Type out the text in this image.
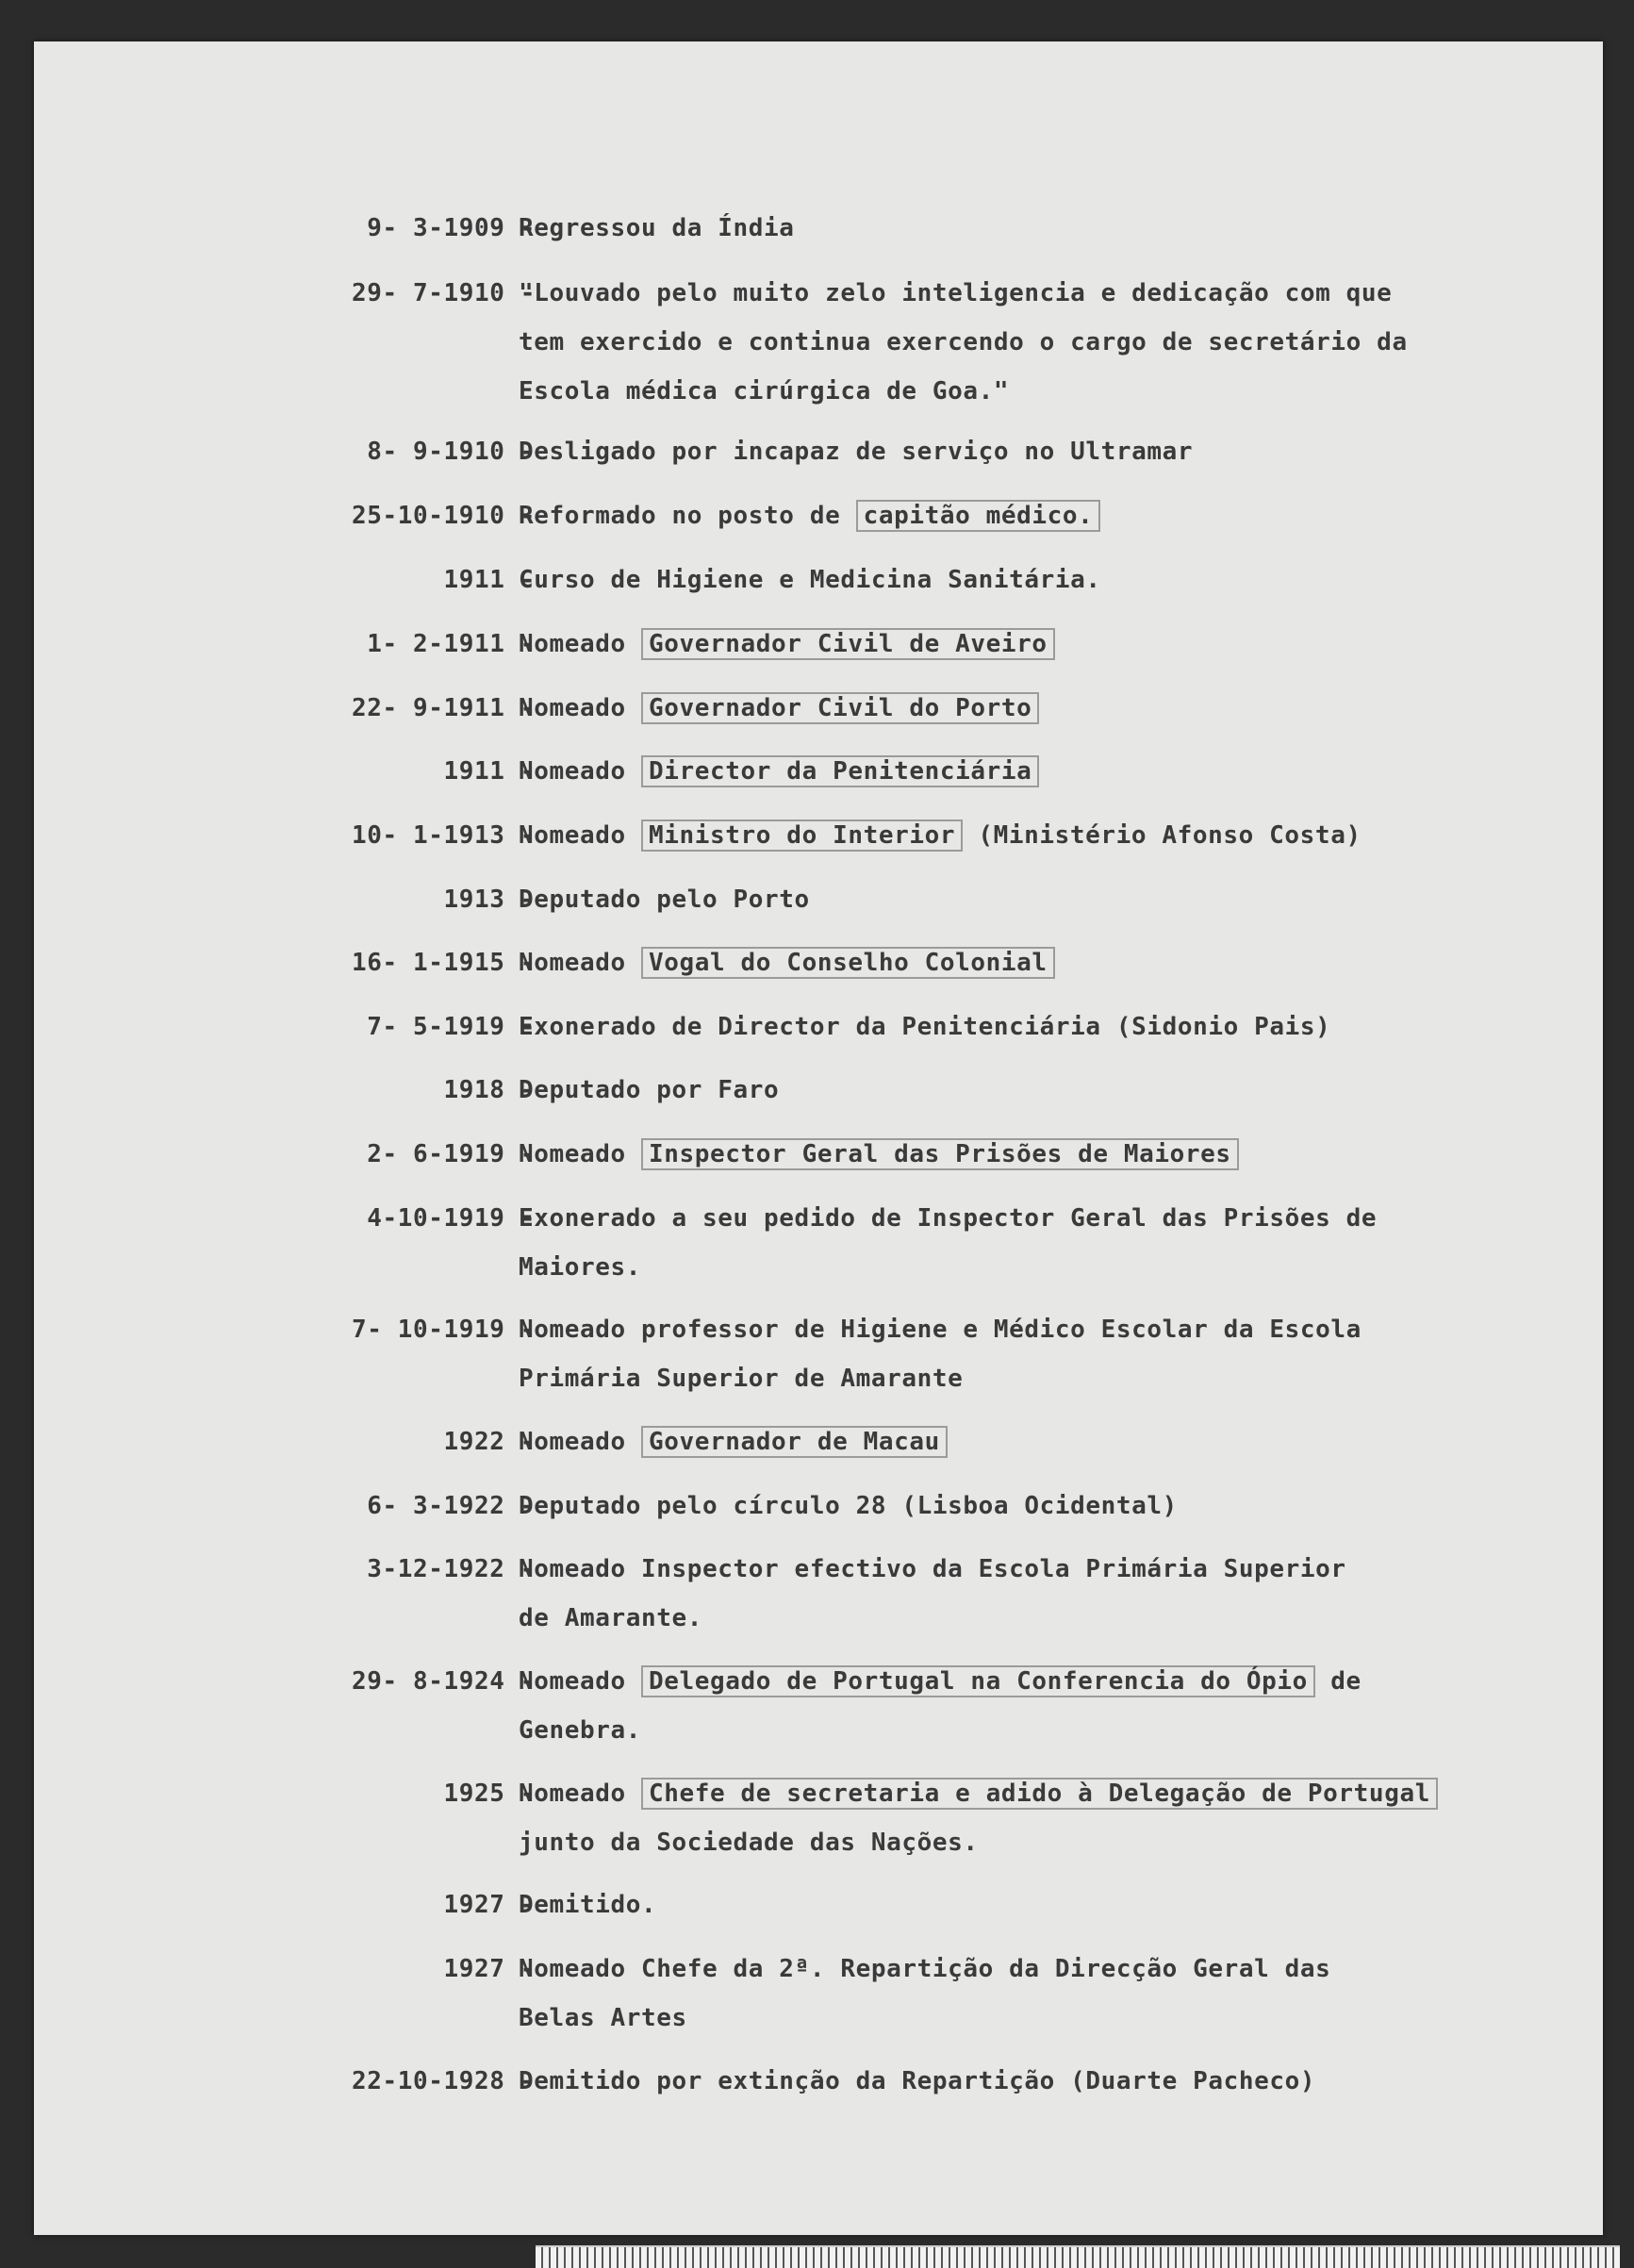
9- 3-1909 -
Regressou da Índia
29- 7-1910 -
"Louvado pelo muito zelo inteligencia e dedicação com que
tem exercido e continua exercendo o cargo de secretário da
Escola médica cirúrgica de Goa."
8- 9-1910 -
Desligado por incapaz de serviço no Ultramar
25-10-1910 -
Reformado no posto de capitão médico.
1911 -
Curso de Higiene e Medicina Sanitária.
1- 2-1911 -
Nomeado Governador Civil de Aveiro
22- 9-1911 -
Nomeado Governador Civil do Porto
1911 -
Nomeado Director da Penitenciária
10- 1-1913 -
Nomeado Ministro do Interior (Ministério Afonso Costa)
1913 -
Deputado pelo Porto
16- 1-1915 -
Nomeado Vogal do Conselho Colonial
7- 5-1919 -
Exonerado de Director da Penitenciária (Sidonio Pais)
1918 -
Deputado por Faro
2- 6-1919 -
Nomeado Inspector Geral das Prisões de Maiores
4-10-1919 -
Exonerado a seu pedido de Inspector Geral das Prisões de
Maiores.
7- 10-1919 -
Nomeado professor de Higiene e Médico Escolar da Escola
Primária Superior de Amarante
1922 -
Nomeado Governador de Macau
6- 3-1922 -
Deputado pelo círculo 28 (Lisboa Ocidental)
3-12-1922 -
Nomeado Inspector efectivo da Escola Primária Superior
de Amarante.
29- 8-1924 -
Nomeado Delegado de Portugal na Conferencia do Ópio de
Genebra.
1925 -
Nomeado Chefe de secretaria e adido à Delegação de Portugal
junto da Sociedade das Nações.
1927 -
Demitido.
1927 -
Nomeado Chefe da 2ª. Repartição da Direcção Geral das
Belas Artes
22-10-1928 -
Demitido por extinção da Repartição (Duarte Pacheco)
